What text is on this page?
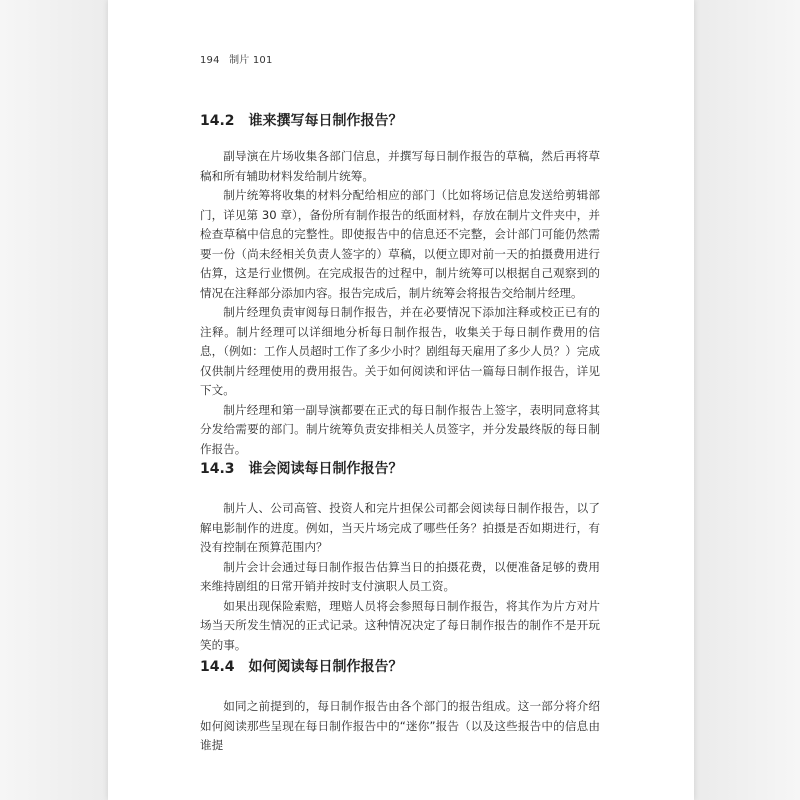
194 制片 101
14.2 谁来撰写每日制作报告？

副导演在片场收集各部门信息，并撰写每日制作报告的草稿，然后再将草稿和所有辅助材料发给制片统筹。

制片统筹将收集的材料分配给相应的部门（比如将场记信息发送给剪辑部门，详见第 30 章），备份所有制作报告的纸面材料，存放在制片文件夹中，并检查草稿中信息的完整性。即使报告中的信息还不完整，会计部门可能仍然需要一份（尚未经相关负责人签字的）草稿，以便立即对前一天的拍摄费用进行估算，这是行业惯例。在完成报告的过程中，制片统筹可以根据自己观察到的情况在注释部分添加内容。报告完成后，制片统筹会将报告交给制片经理。

制片经理负责审阅每日制作报告，并在必要情况下添加注释或校正已有的注释。制片经理可以详细地分析每日制作报告，收集关于每日制作费用的信息，（例如：工作人员超时工作了多少小时？剧组每天雇用了多少人员？）完成仅供制片经理使用的费用报告。关于如何阅读和评估一篇每日制作报告，详见下文。

制片经理和第一副导演都要在正式的每日制作报告上签字，表明同意将其分发给需要的部门。制片统筹负责安排相关人员签字，并分发最终版的每日制作报告。

14.3 谁会阅读每日制作报告？

制片人、公司高管、投资人和完片担保公司都会阅读每日制作报告，以了解电影制作的进度。例如，当天片场完成了哪些任务？拍摄是否如期进行，有没有控制在预算范围内？

制片会计会通过每日制作报告估算当日的拍摄花费，以便准备足够的费用来维持剧组的日常开销并按时支付演职人员工资。

如果出现保险索赔，理赔人员将会参照每日制作报告，将其作为片方对片场当天所发生情况的正式记录。这种情况决定了每日制作报告的制作不是开玩笑的事。

14.4 如何阅读每日制作报告？

如同之前提到的，每日制作报告由各个部门的报告组成。这一部分将介绍如何阅读那些呈现在每日制作报告中的“迷你”报告（以及这些报告中的信息由谁提
